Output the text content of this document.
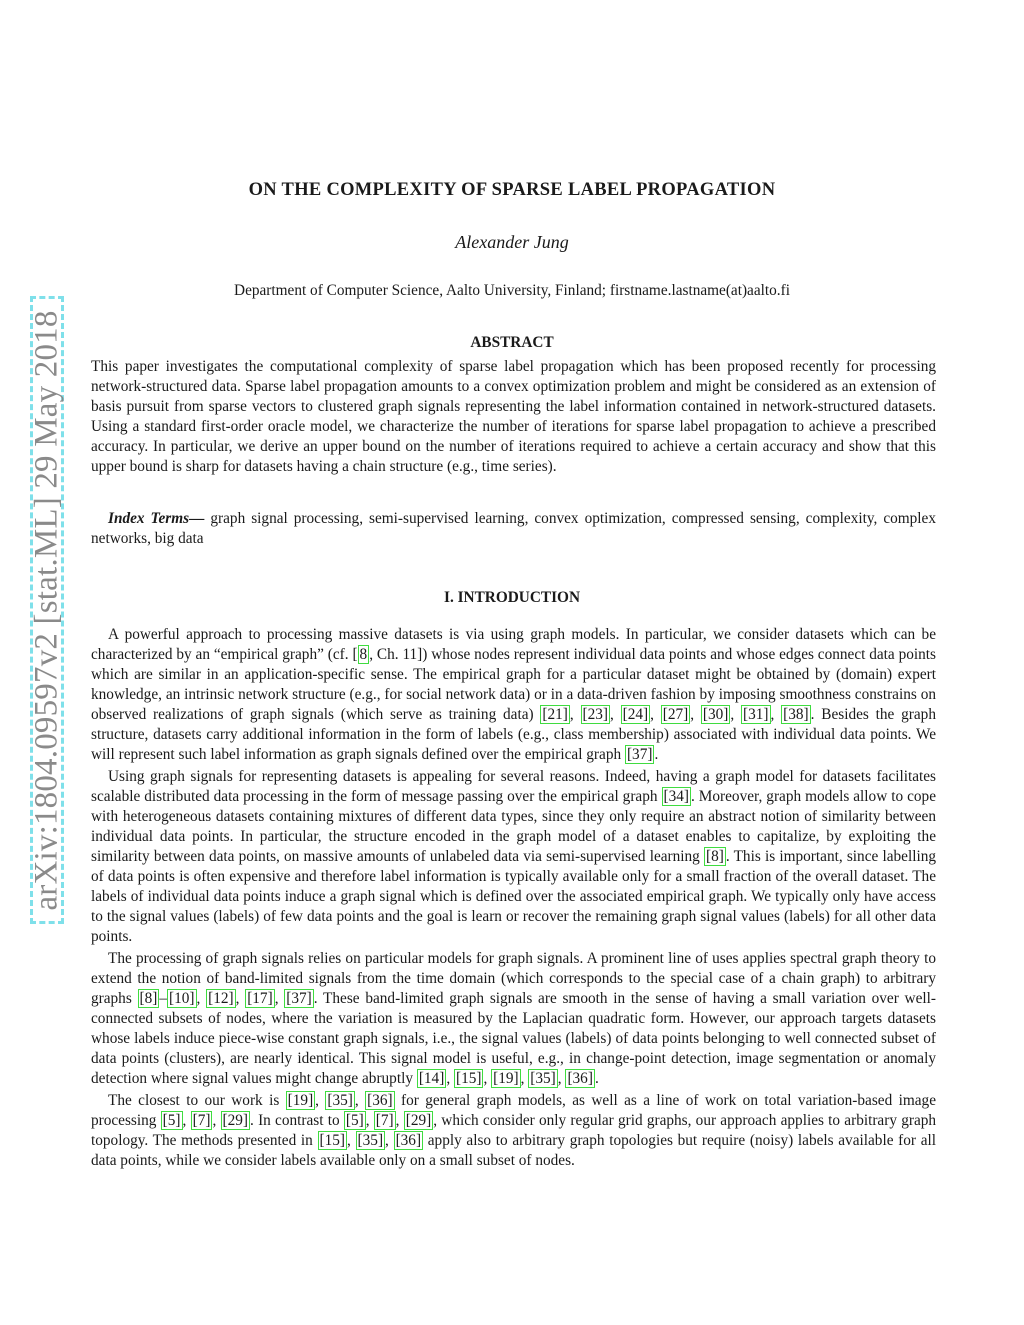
arXiv:1804.09597v2 [stat.ML] 29 May 2018
ON THE COMPLEXITY OF SPARSE LABEL PROPAGATION
Alexander Jung
Department of Computer Science, Aalto University, Finland; firstname.lastname(at)aalto.fi
ABSTRACT

This paper investigates the computational complexity of sparse label propagation which has been proposed recently for processing network-structured data. Sparse label propagation amounts to a convex optimization problem and might be considered as an extension of basis pursuit from sparse vectors to clustered graph signals representing the label information contained in network-structured datasets. Using a standard first-order oracle model, we characterize the number of iterations for sparse label propagation to achieve a prescribed accuracy. In particular, we derive an upper bound on the number of iterations required to achieve a certain accuracy and show that this upper bound is sharp for datasets having a chain structure (e.g., time series).

Index Terms— graph signal processing, semi-supervised learning, convex optimization, compressed sensing, complexity, complex networks, big data

I. INTRODUCTION

A powerful approach to processing massive datasets is via using graph models. In particular, we consider datasets which can be characterized by an “empirical graph” (cf. [ 8 , Ch. 11]) whose nodes represent individual data points and whose edges connect data points which are similar in an application-specific sense. The empirical graph for a particular dataset might be obtained by (domain) expert knowledge, an intrinsic network structure (e.g., for social network data) or in a data-driven fashion by imposing smoothness constrains on observed realizations of graph signals (which serve as training data) [21] , [23] , [24] , [27] , [30] , [31] , [38] . Besides the graph structure, datasets carry additional information in the form of labels (e.g., class membership) associated with individual data points. We will represent such label information as graph signals defined over the empirical graph [37] .

Using graph signals for representing datasets is appealing for several reasons. Indeed, having a graph model for datasets facilitates scalable distributed data processing in the form of message passing over the empirical graph [34] . Moreover, graph models allow to cope with heterogeneous datasets containing mixtures of different data types, since they only require an abstract notion of similarity between individual data points. In particular, the structure encoded in the graph model of a dataset enables to capitalize, by exploiting the similarity between data points, on massive amounts of unlabeled data via semi-supervised learning [8] . This is important, since labelling of data points is often expensive and therefore label information is typically available only for a small fraction of the overall dataset. The labels of individual data points induce a graph signal which is defined over the associated empirical graph. We typically only have access to the signal values (labels) of few data points and the goal is learn or recover the remaining graph signal values (labels) for all other data points.

The processing of graph signals relies on particular models for graph signals. A prominent line of uses applies spectral graph theory to extend the notion of band-limited signals from the time domain (which corresponds to the special case of a chain graph) to arbitrary graphs [8] – [10] , [12] , [17] , [37] . These band-limited graph signals are smooth in the sense of having a small variation over well-connected subsets of nodes, where the variation is measured by the Laplacian quadratic form. However, our approach targets datasets whose labels induce piece-wise constant graph signals, i.e., the signal values (labels) of data points belonging to well connected subset of data points (clusters), are nearly identical. This signal model is useful, e.g., in change-point detection, image segmentation or anomaly detection where signal values might change abruptly [14] , [15] , [19] , [35] , [36] .

The closest to our work is [19] , [35] , [36] for general graph models, as well as a line of work on total variation-based image processing [5] , [7] , [29] . In contrast to [5] , [7] , [29] , which consider only regular grid graphs, our approach applies to arbitrary graph topology. The methods presented in [15] , [35] , [36] apply also to arbitrary graph topologies but require (noisy) labels available for all data points, while we consider labels available only on a small subset of nodes.
